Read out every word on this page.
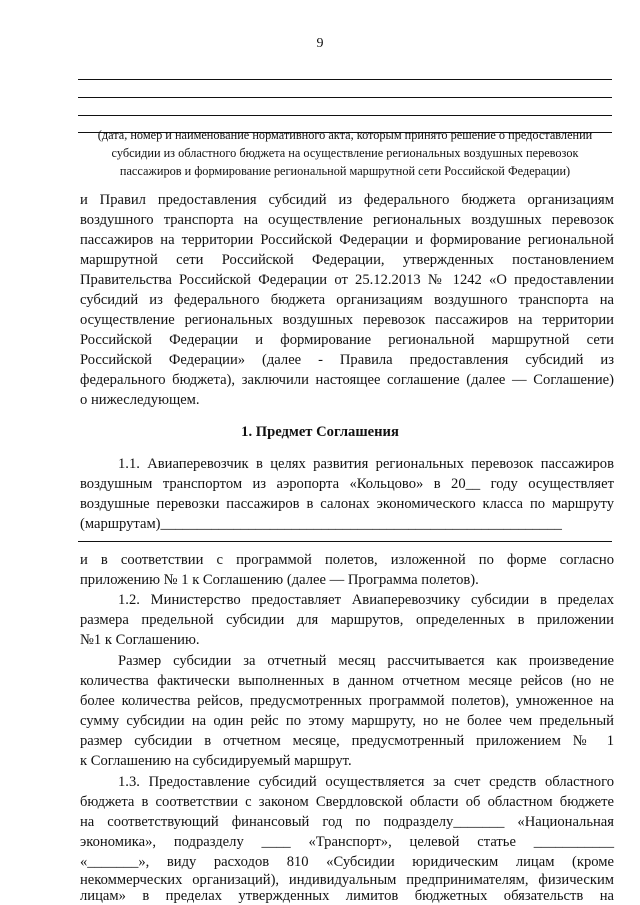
9
(дата, номер и наименование нормативного акта, которым принято решение о предоставлении
субсидии из областного бюджета на осуществление региональных воздушных перевозок
пассажиров и формирование региональной маршрутной сети Российской Федерации)
и Правил предоставления субсидий из федерального бюджета организациям
воздушного транспорта на осуществление региональных воздушных перевозок
пассажиров на территории Российской Федерации и формирование региональной
маршрутной сети Российской Федерации, утвержденных постановлением
Правительства Российской Федерации от 25.12.2013 № 1242 «О предоставлении
субсидий из федерального бюджета организациям воздушного транспорта на
осуществление региональных воздушных перевозок пассажиров на территории
Российской Федерации и формирование региональной маршрутной сети
Российской Федерации» (далее - Правила предоставления субсидий из
федерального бюджета), заключили настоящее соглашение (далее — Соглашение)
о нижеследующем.
1. Предмет Соглашения
1.1. Авиаперевозчик в целях развития региональных перевозок пассажиров
воздушным транспортом из аэропорта «Кольцово» в 20__ году осуществляет
воздушные перевозки пассажиров в салонах экономического класса по маршруту
(маршрутам)_______________________________________________________
и в соответствии с программой полетов, изложенной по форме согласно
приложению № 1 к Соглашению (далее — Программа полетов).
1.2. Министерство предоставляет Авиаперевозчику субсидии в пределах
размера предельной субсидии для маршрутов, определенных в приложении
№1 к Соглашению.
Размер субсидии за отчетный месяц рассчитывается как произведение
количества фактически выполненных в данном отчетном месяце рейсов (но не
более количества рейсов, предусмотренных программой полетов), умноженное на
сумму субсидии на один рейс по этому маршруту, но не более чем предельный
размер субсидии в отчетном месяце, предусмотренный приложением № 1
к Соглашению на субсидируемый маршрут.
1.3. Предоставление субсидий осуществляется за счет средств областного
бюджета в соответствии с законом Свердловской области об областном бюджете
на соответствующий финансовый год по подразделу_______ «Национальная
экономика», подразделу ____ «Транспорт», целевой статье ___________
«_______», виду расходов 810 «Субсидии юридическим лицам (кроме
некоммерческих организаций), индивидуальным предпринимателям, физическим
лицам» в пределах утвержденных лимитов бюджетных обязательств на
